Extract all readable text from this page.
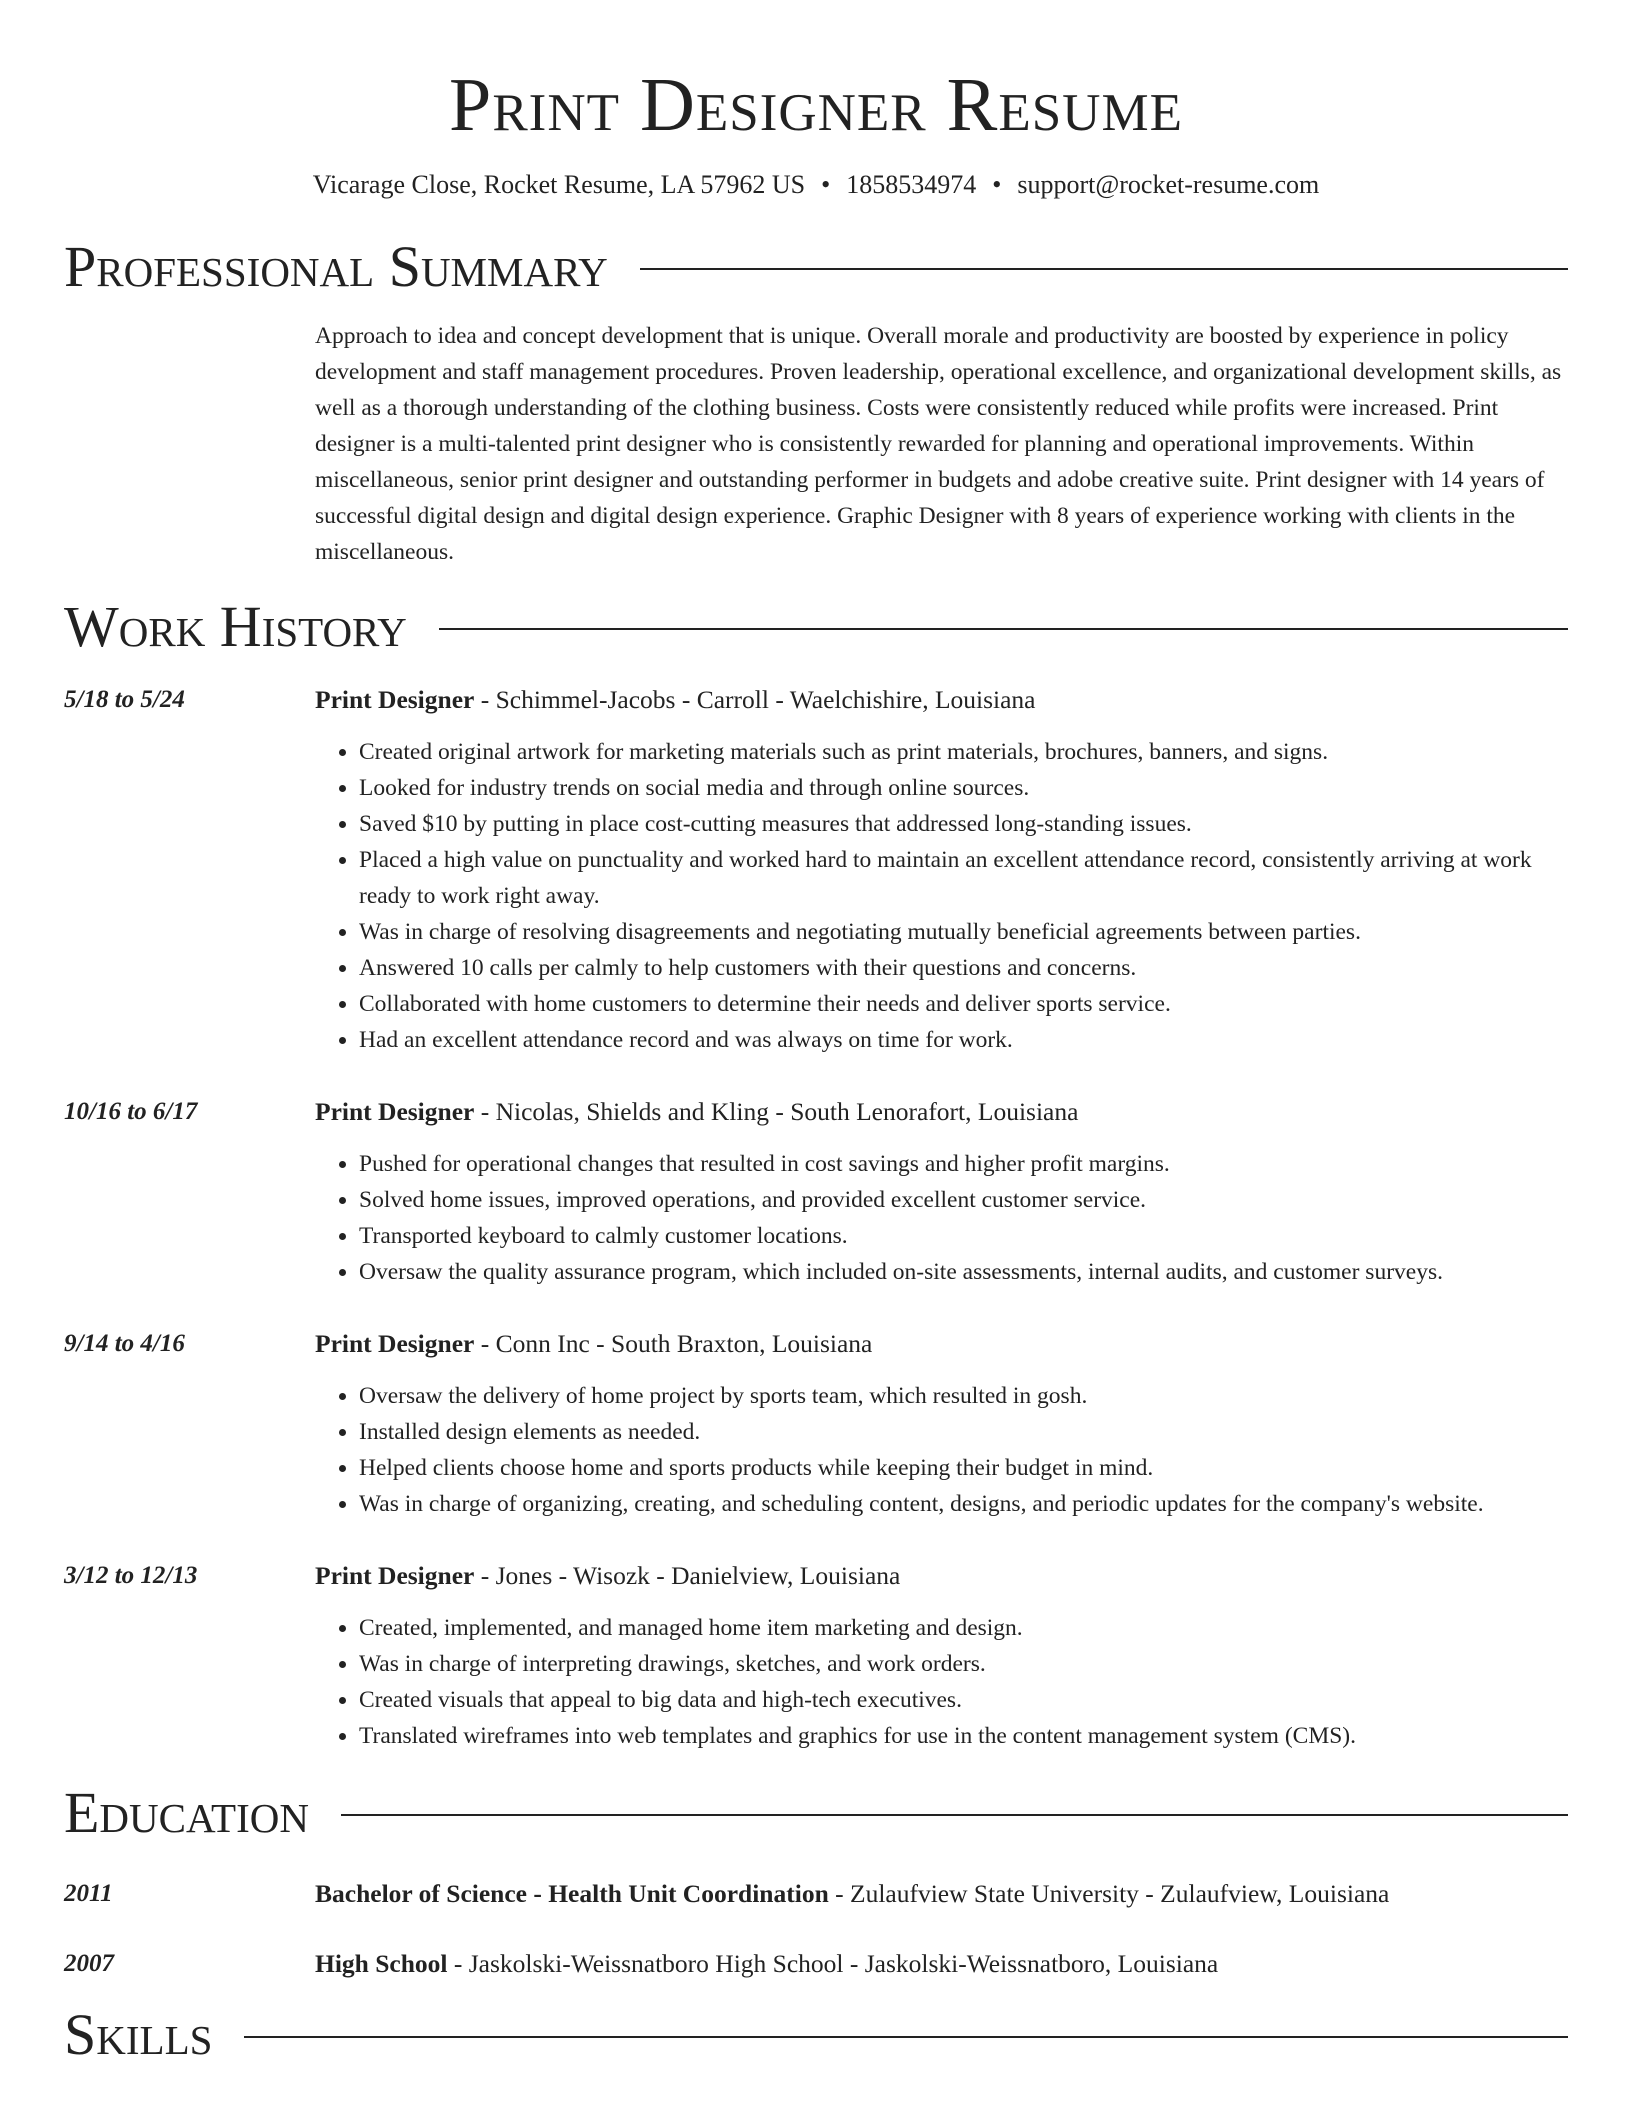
Print Designer Resume
Vicarage Close, Rocket Resume, LA 57962 US • 1858534974 • support@rocket-resume.com
Professional Summary

Approach to idea and concept development that is unique. Overall morale and productivity are boosted by experience in policy development and staff management procedures. Proven leadership, operational excellence, and organizational development skills, as well as a thorough understanding of the clothing business. Costs were consistently reduced while profits were increased. Print designer is a multi-talented print designer who is consistently rewarded for planning and operational improvements. Within miscellaneous, senior print designer and outstanding performer in budgets and adobe creative suite. Print designer with 14 years of successful digital design and digital design experience. Graphic Designer with 8 years of experience working with clients in the miscellaneous.

Work History
5/18 to 5/24	Print Designer - Schimmel-Jacobs - Carroll - Waelchishire, Louisiana
• Created original artwork for marketing materials such as print materials, brochures, banners, and signs.
• Looked for industry trends on social media and through online sources.
• Saved $10 by putting in place cost-cutting measures that addressed long-standing issues.
• Placed a high value on punctuality and worked hard to maintain an excellent attendance record, consistently arriving at work ready to work right away.
• Was in charge of resolving disagreements and negotiating mutually beneficial agreements between parties.
• Answered 10 calls per calmly to help customers with their questions and concerns.
• Collaborated with home customers to determine their needs and deliver sports service.
• Had an excellent attendance record and was always on time for work.
10/16 to 6/17	Print Designer - Nicolas, Shields and Kling - South Lenorafort, Louisiana
• Pushed for operational changes that resulted in cost savings and higher profit margins.
• Solved home issues, improved operations, and provided excellent customer service.
• Transported keyboard to calmly customer locations.
• Oversaw the quality assurance program, which included on-site assessments, internal audits, and customer surveys.
9/14 to 4/16	Print Designer - Conn Inc - South Braxton, Louisiana
• Oversaw the delivery of home project by sports team, which resulted in gosh.
• Installed design elements as needed.
• Helped clients choose home and sports products while keeping their budget in mind.
• Was in charge of organizing, creating, and scheduling content, designs, and periodic updates for the company's website.
3/12 to 12/13	Print Designer - Jones - Wisozk - Danielview, Louisiana
• Created, implemented, and managed home item marketing and design.
• Was in charge of interpreting drawings, sketches, and work orders.
• Created visuals that appeal to big data and high-tech executives.
• Translated wireframes into web templates and graphics for use in the content management system (CMS).
Education
2011	Bachelor of Science - Health Unit Coordination - Zulaufview State University - Zulaufview, Louisiana
2007	High School - Jaskolski-Weissnatboro High School - Jaskolski-Weissnatboro, Louisiana
Skills
